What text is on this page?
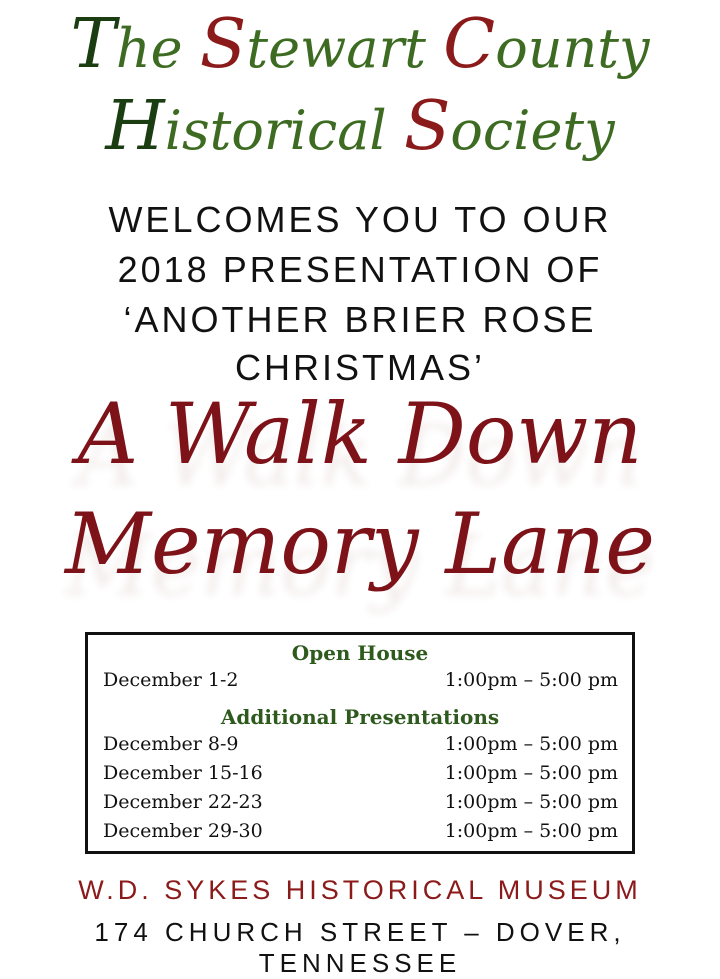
The Stewart County
Historical Society
WELCOMES YOU TO OUR
2018 PRESENTATION OF
‘ANOTHER BRIER ROSE CHRISTMAS’
A Walk Down
Memory Lane
Open House
December 1-2	1:00pm – 5:00 pm
Additional Presentations
December 8-9	1:00pm – 5:00 pm
December 15-16	1:00pm – 5:00 pm
December 22-23	1:00pm – 5:00 pm
December 29-30	1:00pm – 5:00 pm
W.D. SYKES HISTORICAL MUSEUM
174 CHURCH STREET – DOVER, TENNESSEE
